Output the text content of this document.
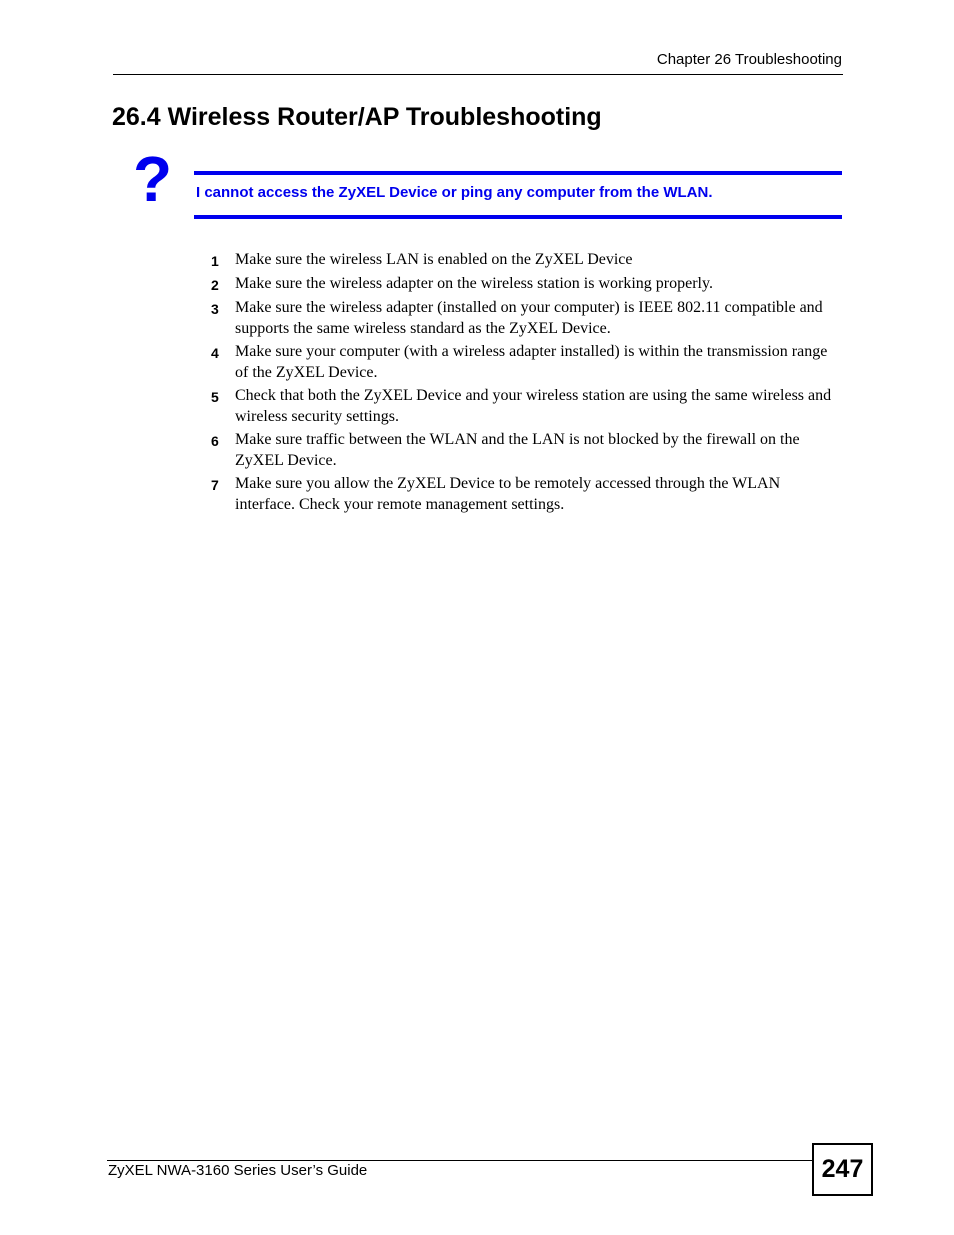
Chapter 26 Troubleshooting
26.4 Wireless Router/AP Troubleshooting
? I cannot access the ZyXEL Device or ping any computer from the WLAN.
1	Make sure the wireless LAN is enabled on the ZyXEL Device
2	Make sure the wireless adapter on the wireless station is working properly.
3	Make sure the wireless adapter (installed on your computer) is IEEE 802.11 compatible and supports the same wireless standard as the ZyXEL Device.
4	Make sure your computer (with a wireless adapter installed) is within the transmission range of the ZyXEL Device.
5	Check that both the ZyXEL Device and your wireless station are using the same wireless and wireless security settings.
6	Make sure traffic between the WLAN and the LAN is not blocked by the firewall on the ZyXEL Device.
7	Make sure you allow the ZyXEL Device to be remotely accessed through the WLAN interface. Check your remote management settings.
ZyXEL NWA-3160 Series User’s Guide	247
